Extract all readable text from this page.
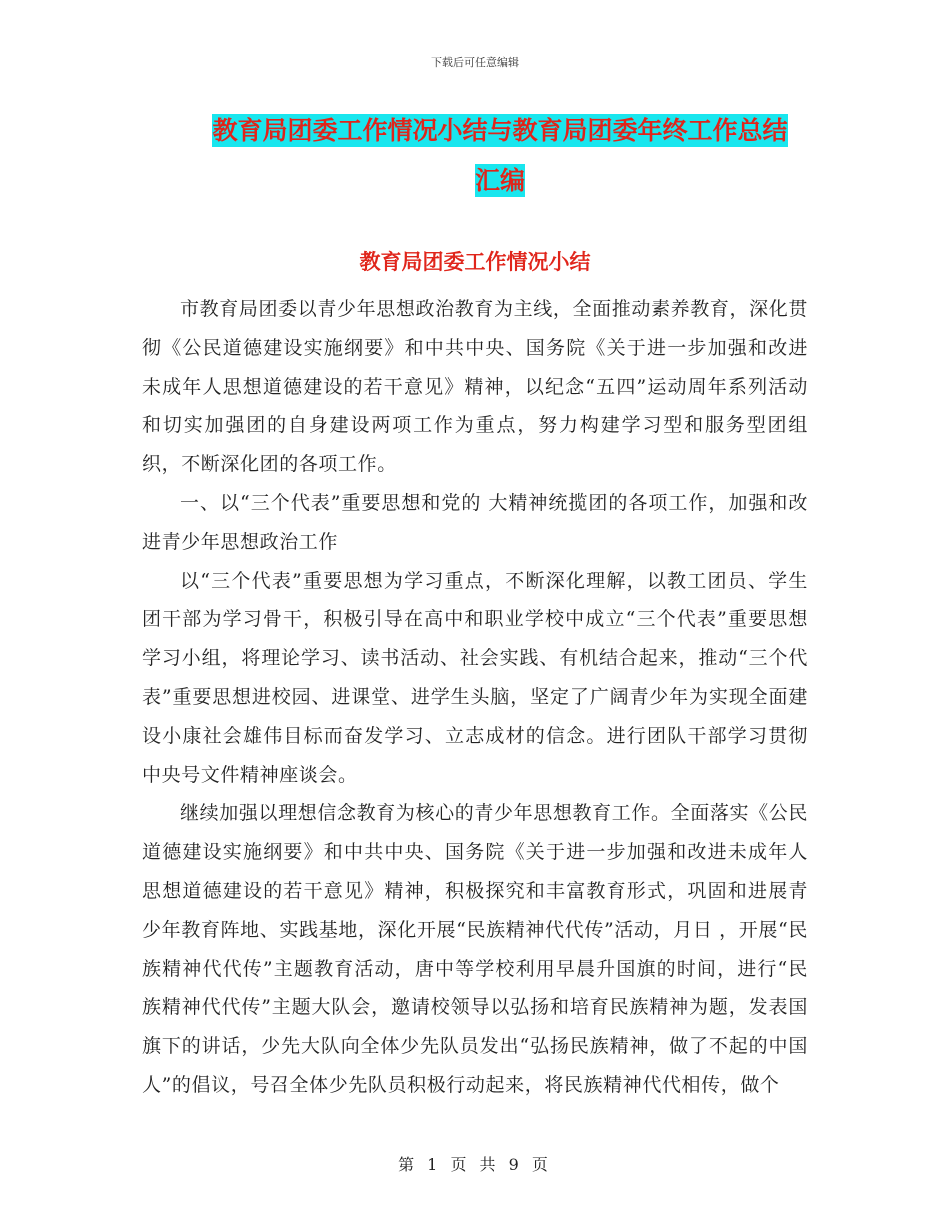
下载后可任意编辑
教育局团委工作情况小结与教育局团委年终工作总结
汇编
教育局团委工作情况小结

市教育局团委以青少年思想政治教育为主线，全面推动素养教育，深化贯彻《公民道德建设实施纲要》和中共中央、国务院《关于进一步加强和改进未成年人思想道德建设的若干意见》精神，以纪念“五四”运动周年系列活动和切实加强团的自身建设两项工作为重点，努力构建学习型和服务型团组织，不断深化团的各项工作。

一、以“三个代表”重要思想和党的 大精神统揽团的各项工作，加强和改进青少年思想政治工作

以“三个代表”重要思想为学习重点，不断深化理解，以教工团员、学生团干部为学习骨干，积极引导在高中和职业学校中成立“三个代表”重要思想学习小组，将理论学习、读书活动、社会实践、有机结合起来，推动“三个代表”重要思想进校园、进课堂、进学生头脑，坚定了广阔青少年为实现全面建设小康社会雄伟目标而奋发学习、立志成材的信念。进行团队干部学习贯彻中央号文件精神座谈会。

继续加强以理想信念教育为核心的青少年思想教育工作。全面落实《公民道德建设实施纲要》和中共中央、国务院《关于进一步加强和改进未成年人思想道德建设的若干意见》精神，积极探究和丰富教育形式，巩固和进展青少年教育阵地、实践基地，深化开展“民族精神代代传”活动，月日 ，开展“民族精神代代传”主题教育活动，唐中等学校利用早晨升国旗的时间，进行“民族精神代代传”主题大队会，邀请校领导以弘扬和培育民族精神为题，发表国旗下的讲话，少先大队向全体少先队员发出“弘扬民族精神，做了不起的中国人”的倡议，号召全体少先队员积极行动起来，将民族精神代代相传，做个

第 1 页 共 9 页
